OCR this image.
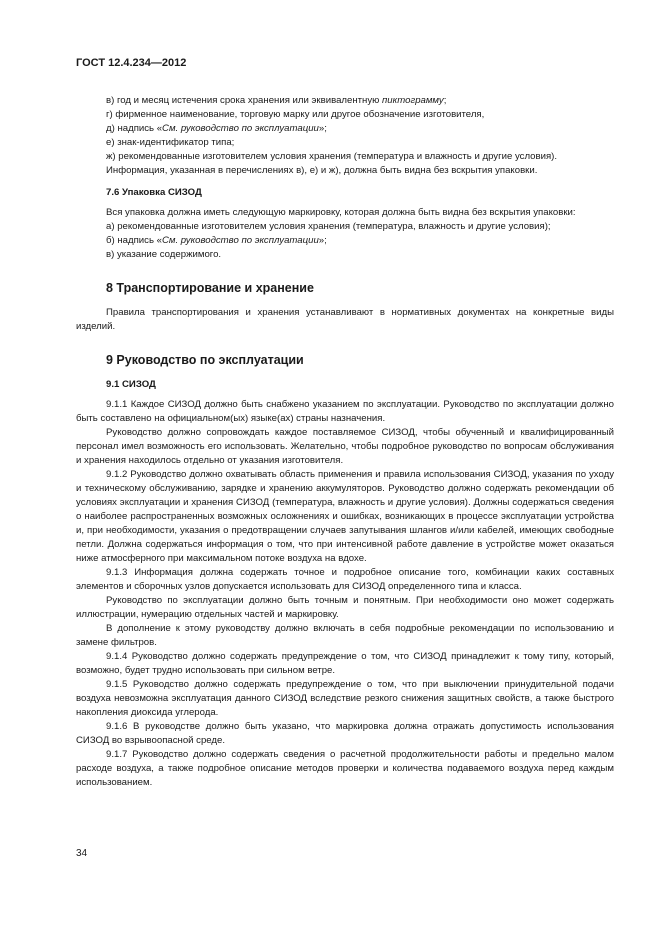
ГОСТ 12.4.234—2012

в) год и месяц истечения срока хранения или эквивалентную пиктограмму;

г) фирменное наименование, торговую марку или другое обозначение изготовителя,

д) надпись «См. руководство по эксплуатации»;

е) знак-идентификатор типа;

ж) рекомендованные изготовителем условия хранения (температура и влажность и другие условия).

Информация, указанная в перечислениях в), е) и ж), должна быть видна без вскрытия упаковки.

7.6 Упаковка СИЗОД

Вся упаковка должна иметь следующую маркировку, которая должна быть видна без вскрытия упаковки:

а) рекомендованные изготовителем условия хранения (температура, влажность и другие условия);

б) надпись «См. руководство по эксплуатации»;

в) указание содержимого.

8 Транспортирование и хранение

Правила транспортирования и хранения устанавливают в нормативных документах на конкретные виды изделий.

9 Руководство по эксплуатации
9.1 СИЗОД

9.1.1 Каждое СИЗОД должно быть снабжено указанием по эксплуатации. Руководство по эксплуатации должно быть составлено на официальном(ых) языке(ах) страны назначения.

Руководство должно сопровождать каждое поставляемое СИЗОД, чтобы обученный и квалифицированный персонал имел возможность его использовать. Желательно, чтобы подробное руководство по вопросам обслуживания и хранения находилось отдельно от указания изготовителя.

9.1.2 Руководство должно охватывать область применения и правила использования СИЗОД, указания по уходу и техническому обслуживанию, зарядке и хранению аккумуляторов. Руководство должно содержать рекомендации об условиях эксплуатации и хранения СИЗОД (температура, влажность и другие условия). Должны содержаться сведения о наиболее распространенных возможных осложнениях и ошибках, возникающих в процессе эксплуатации устройства и, при необходимости, указания о предотвращении случаев запутывания шлангов и/или кабелей, имеющих свободные петли. Должна содержаться информация о том, что при интенсивной работе давление в устройстве может оказаться ниже атмосферного при максимальном потоке воздуха на вдохе.

9.1.3 Информация должна содержать точное и подробное описание того, комбинации каких составных элементов и сборочных узлов допускается использовать для СИЗОД определенного типа и класса.

Руководство по эксплуатации должно быть точным и понятным. При необходимости оно может содержать иллюстрации, нумерацию отдельных частей и маркировку.

В дополнение к этому руководству должно включать в себя подробные рекомендации по использованию и замене фильтров.

9.1.4 Руководство должно содержать предупреждение о том, что СИЗОД принадлежит к тому типу, который, возможно, будет трудно использовать при сильном ветре.

9.1.5 Руководство должно содержать предупреждение о том, что при выключении принудительной подачи воздуха невозможна эксплуатация данного СИЗОД вследствие резкого снижения защитных свойств, а также быстрого накопления диоксида углерода.

9.1.6 В руководстве должно быть указано, что маркировка должна отражать допустимость использования СИЗОД во взрывоопасной среде.

9.1.7 Руководство должно содержать сведения о расчетной продолжительности работы и предельно малом расходе воздуха, а также подробное описание методов проверки и количества подаваемого воздуха перед каждым использованием.

34
